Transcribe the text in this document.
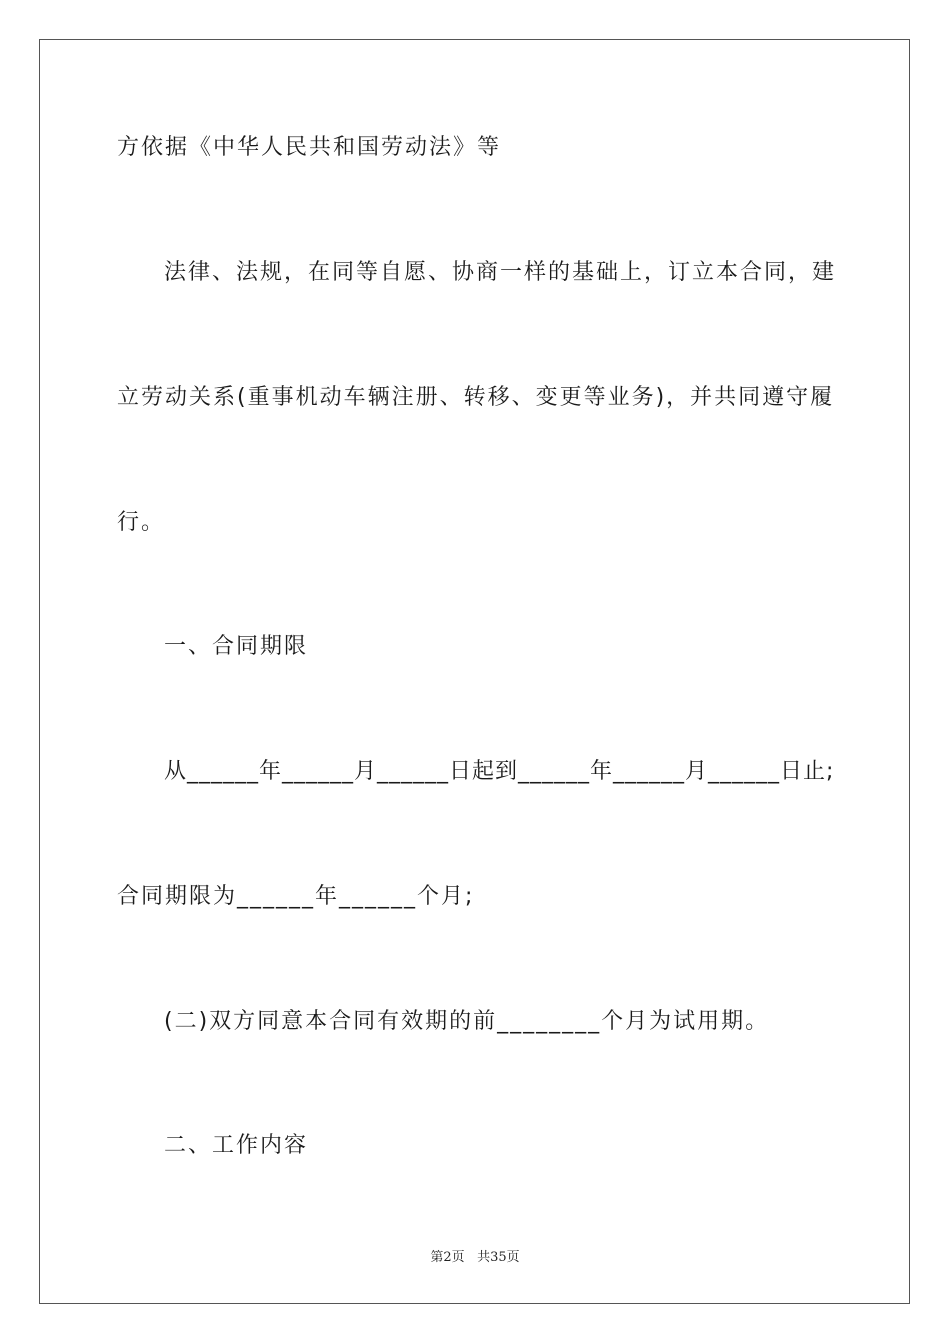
方依据《中华人民共和国劳动法》等
法律、法规，在同等自愿、协商一样的基础上，订立本合同，建
立劳动关系(重事机动车辆注册、转移、变更等业务)，并共同遵守履
行。
一、合同期限
从______年______月______日起到______年______月______日止;
合同期限为______年______个月;
(二)双方同意本合同有效期的前________个月为试用期。
二、工作内容
第2页 共35页
